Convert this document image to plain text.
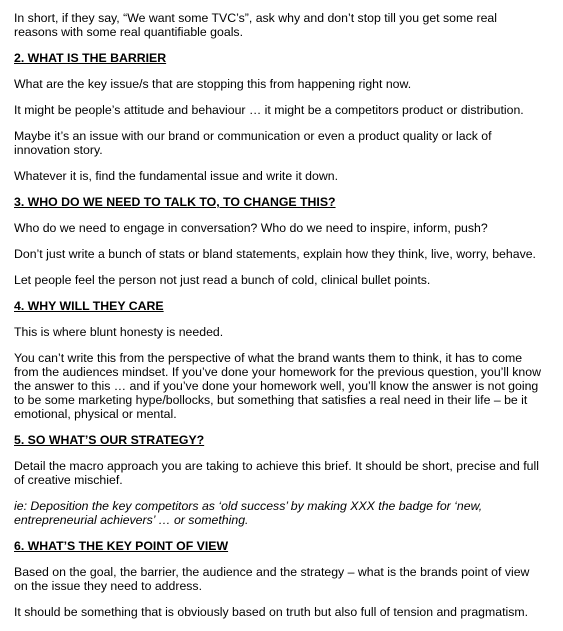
In short, if they say, “We want some TVC’s”, ask why and don’t stop till you get some real reasons with some real quantifiable goals.

2. WHAT IS THE BARRIER

What are the key issue/s that are stopping this from happening right now.

It might be people’s attitude and behaviour … it might be a competitors product or distribution.

Maybe it’s an issue with our brand or communication or even a product quality or lack of innovation story.

Whatever it is, find the fundamental issue and write it down.

3. WHO DO WE NEED TO TALK TO, TO CHANGE THIS?

Who do we need to engage in conversation? Who do we need to inspire, inform, push?

Don’t just write a bunch of stats or bland statements, explain how they think, live, worry, behave.

Let people feel the person not just read a bunch of cold, clinical bullet points.

4. WHY WILL THEY CARE

This is where blunt honesty is needed.

You can’t write this from the perspective of what the brand wants them to think, it has to come from the audiences mindset. If you’ve done your homework for the previous question, you’ll know the answer to this … and if you’ve done your homework well, you’ll know the answer is not going to be some marketing hype/bollocks, but something that satisfies a real need in their life – be it emotional, physical or mental.

5. SO WHAT’S OUR STRATEGY?

Detail the macro approach you are taking to achieve this brief. It should be short, precise and full of creative mischief.

ie: Deposition the key competitors as ‘old success’ by making XXX the badge for ‘new, entrepreneurial achievers’ … or something.

6. WHAT’S THE KEY POINT OF VIEW

Based on the goal, the barrier, the audience and the strategy – what is the brands point of view on the issue they need to address.

It should be something that is obviously based on truth but also full of tension and pragmatism.
